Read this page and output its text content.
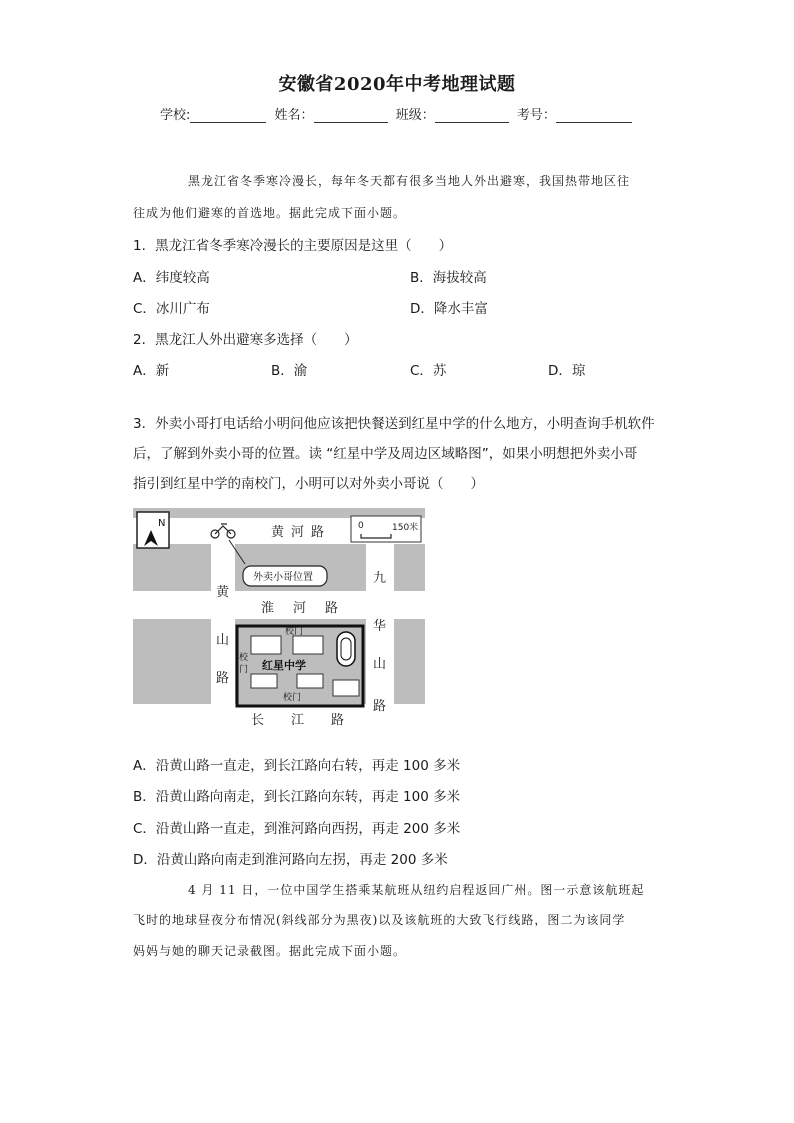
安徽省2020年中考地理试题
学校:	姓名：	班级：	考号：
黑龙江省冬季寒冷漫长，每年冬天都有很多当地人外出避寒，我国热带地区往
往成为他们避寒的首选地。据此完成下面小题。
1．黑龙江省冬季寒冷漫长的主要原因是这里（　　）
A．纬度较高	B．海拔较高
C．冰川广布	D．降水丰富
2．黑龙江人外出避寒多选择（　　）
A．新	B．渝	C．苏	D．琼
3．外卖小哥打电话给小明问他应该把快餐送到红星中学的什么地方，小明查询手机软件
后，了解到外卖小哥的位置。读 “红星中学及周边区域略图”，如果小明想把外卖小哥
指引到红星中学的南校门，小明可以对外卖小哥说（　　）
N	0	150米
黄 河 路
淮 河 路
长 江 路
黄
山
路
九
华
山
路
外卖小哥位置
红星中学
校门
校门
校
门
A．沿黄山路一直走，到长江路向右转，再走 100 多米
B．沿黄山路向南走，到长江路向东转，再走 100 多米
C．沿黄山路一直走，到淮河路向西拐，再走 200 多米
D．沿黄山路向南走到淮河路向左拐，再走 200 多米
4 月 11 日，一位中国学生搭乘某航班从纽约启程返回广州。图一示意该航班起
飞时的地球昼夜分布情况(斜线部分为黑夜)以及该航班的大致飞行线路，图二为该同学
妈妈与她的聊天记录截图。据此完成下面小题。
